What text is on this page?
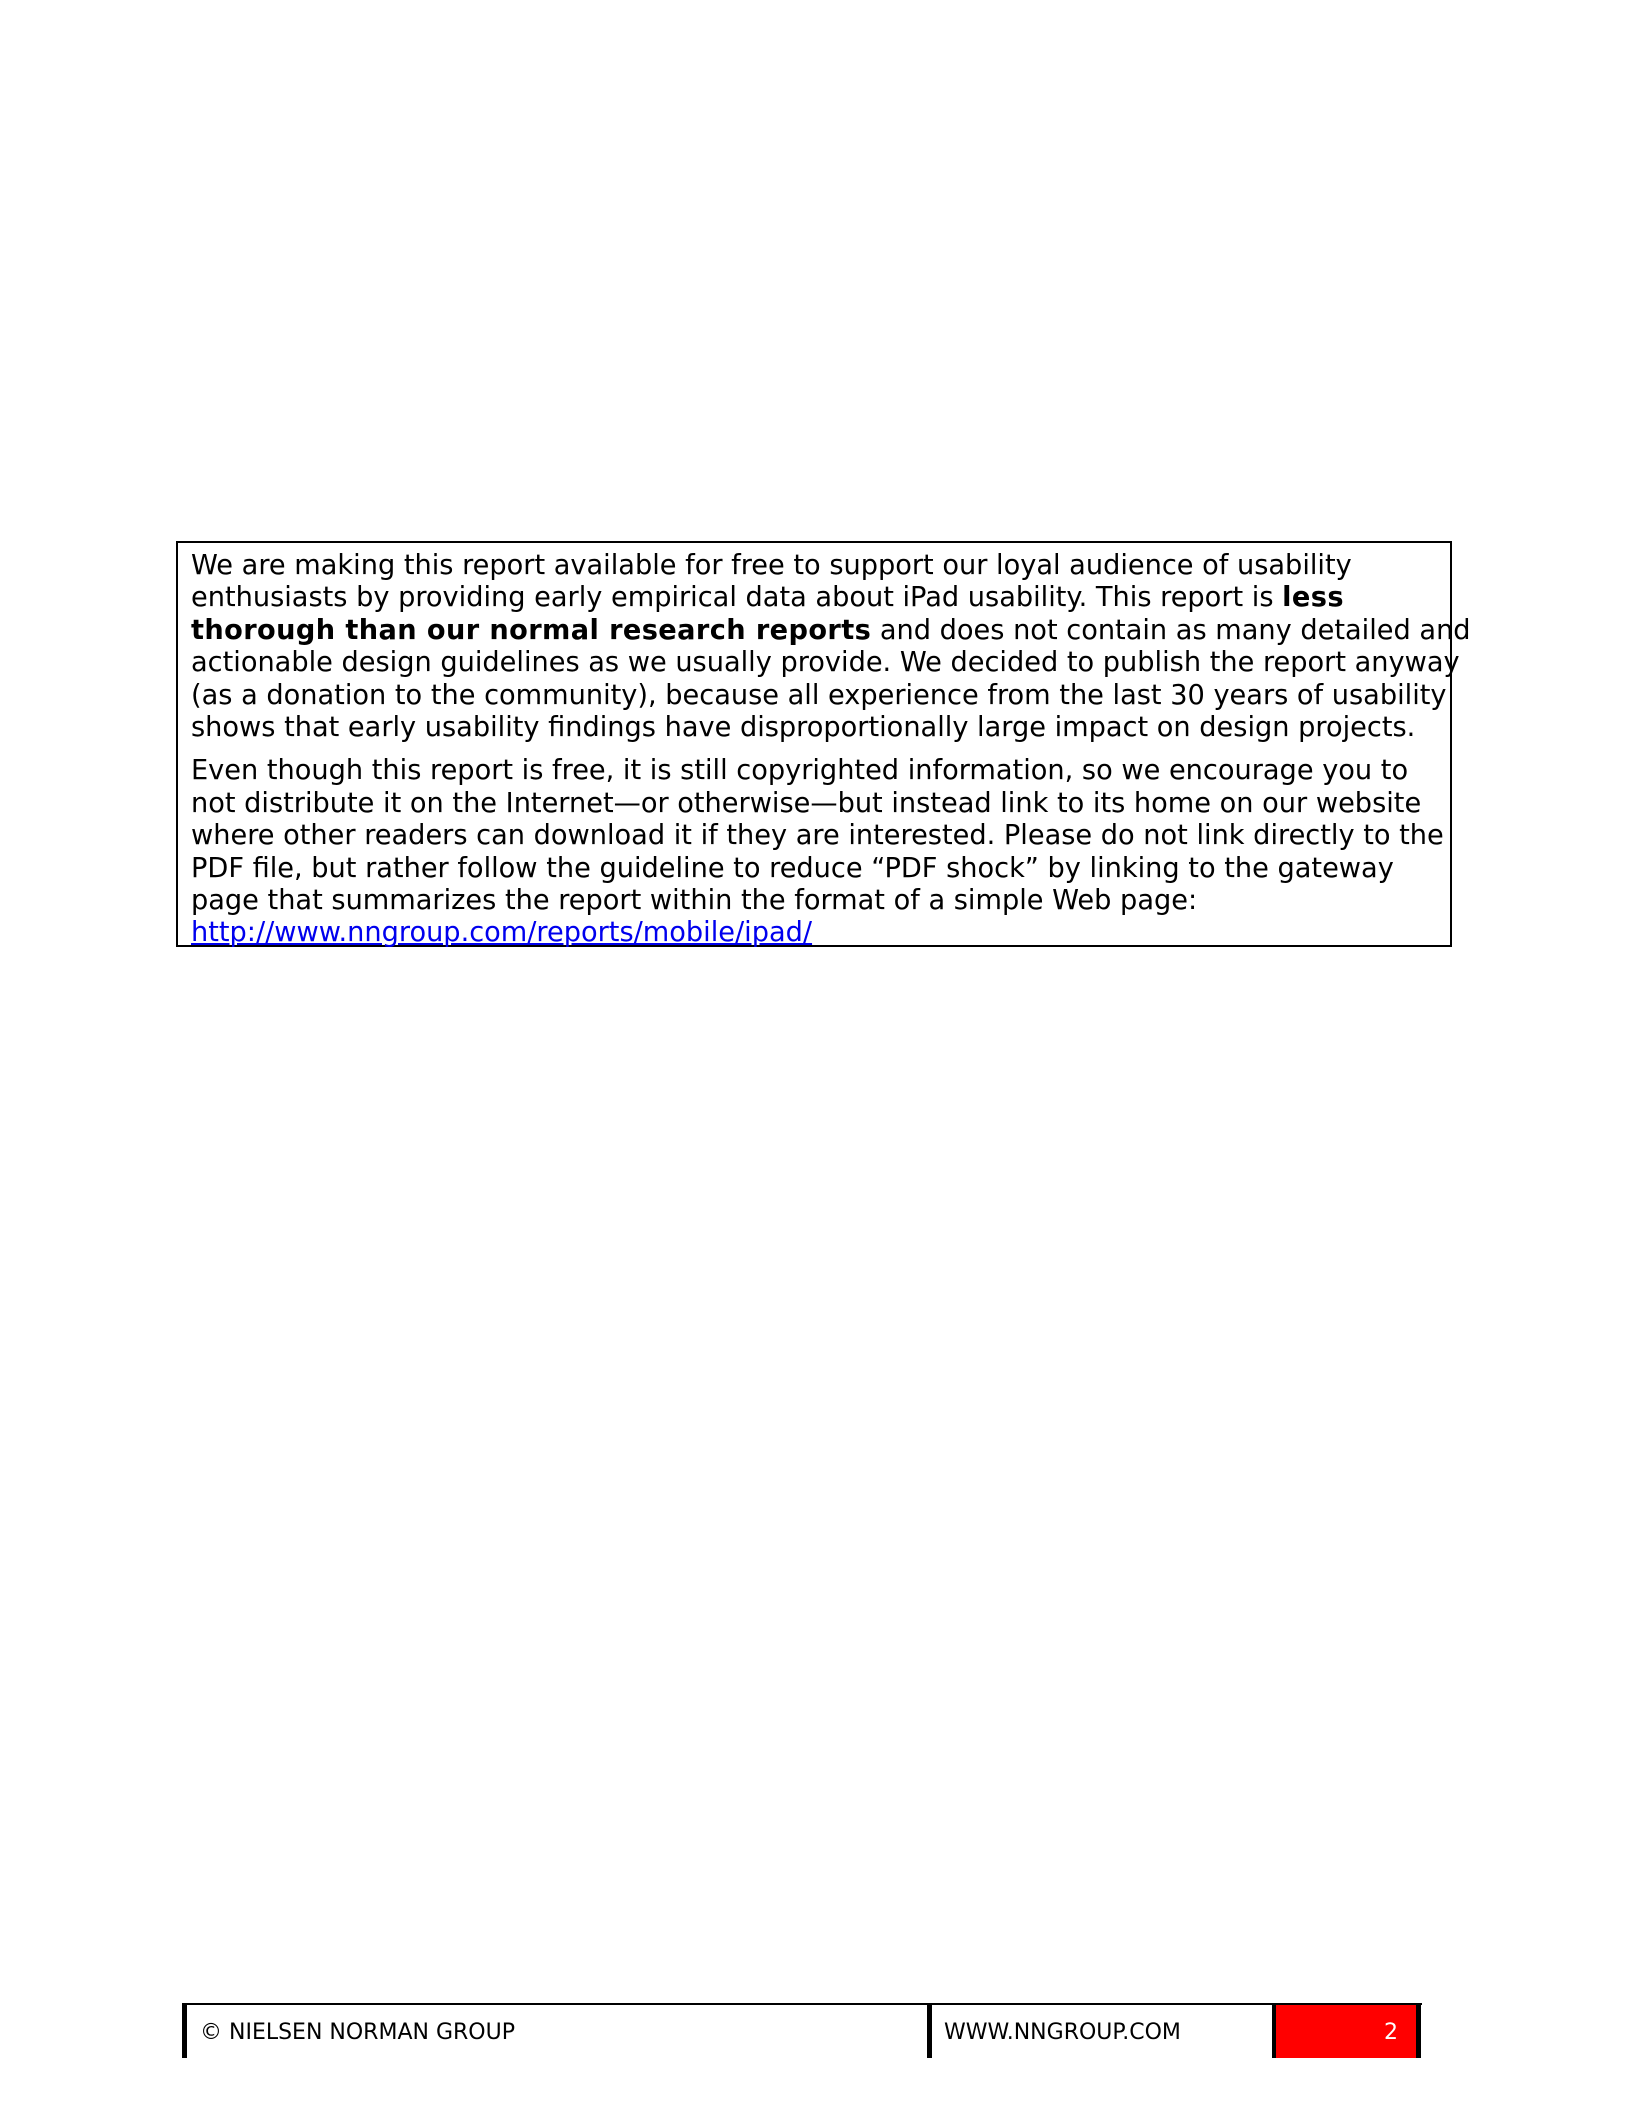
We are making this report available for free to support our loyal audience of usability
enthusiasts by providing early empirical data about iPad usability. This report is less
thorough than our normal research reports and does not contain as many detailed and
actionable design guidelines as we usually provide. We decided to publish the report anyway
(as a donation to the community), because all experience from the last 30 years of usability
shows that early usability findings have disproportionally large impact on design projects.

Even though this report is free, it is still copyrighted information, so we encourage you to
not distribute it on the Internet—or otherwise—but instead link to its home on our website
where other readers can download it if they are interested. Please do not link directly to the
PDF file, but rather follow the guideline to reduce “PDF shock” by linking to the gateway
page that summarizes the report within the format of a simple Web page:
http://www.nngroup.com/reports/mobile/ipad/

© NIELSEN NORMAN GROUP	WWW.NNGROUP.COM	2
